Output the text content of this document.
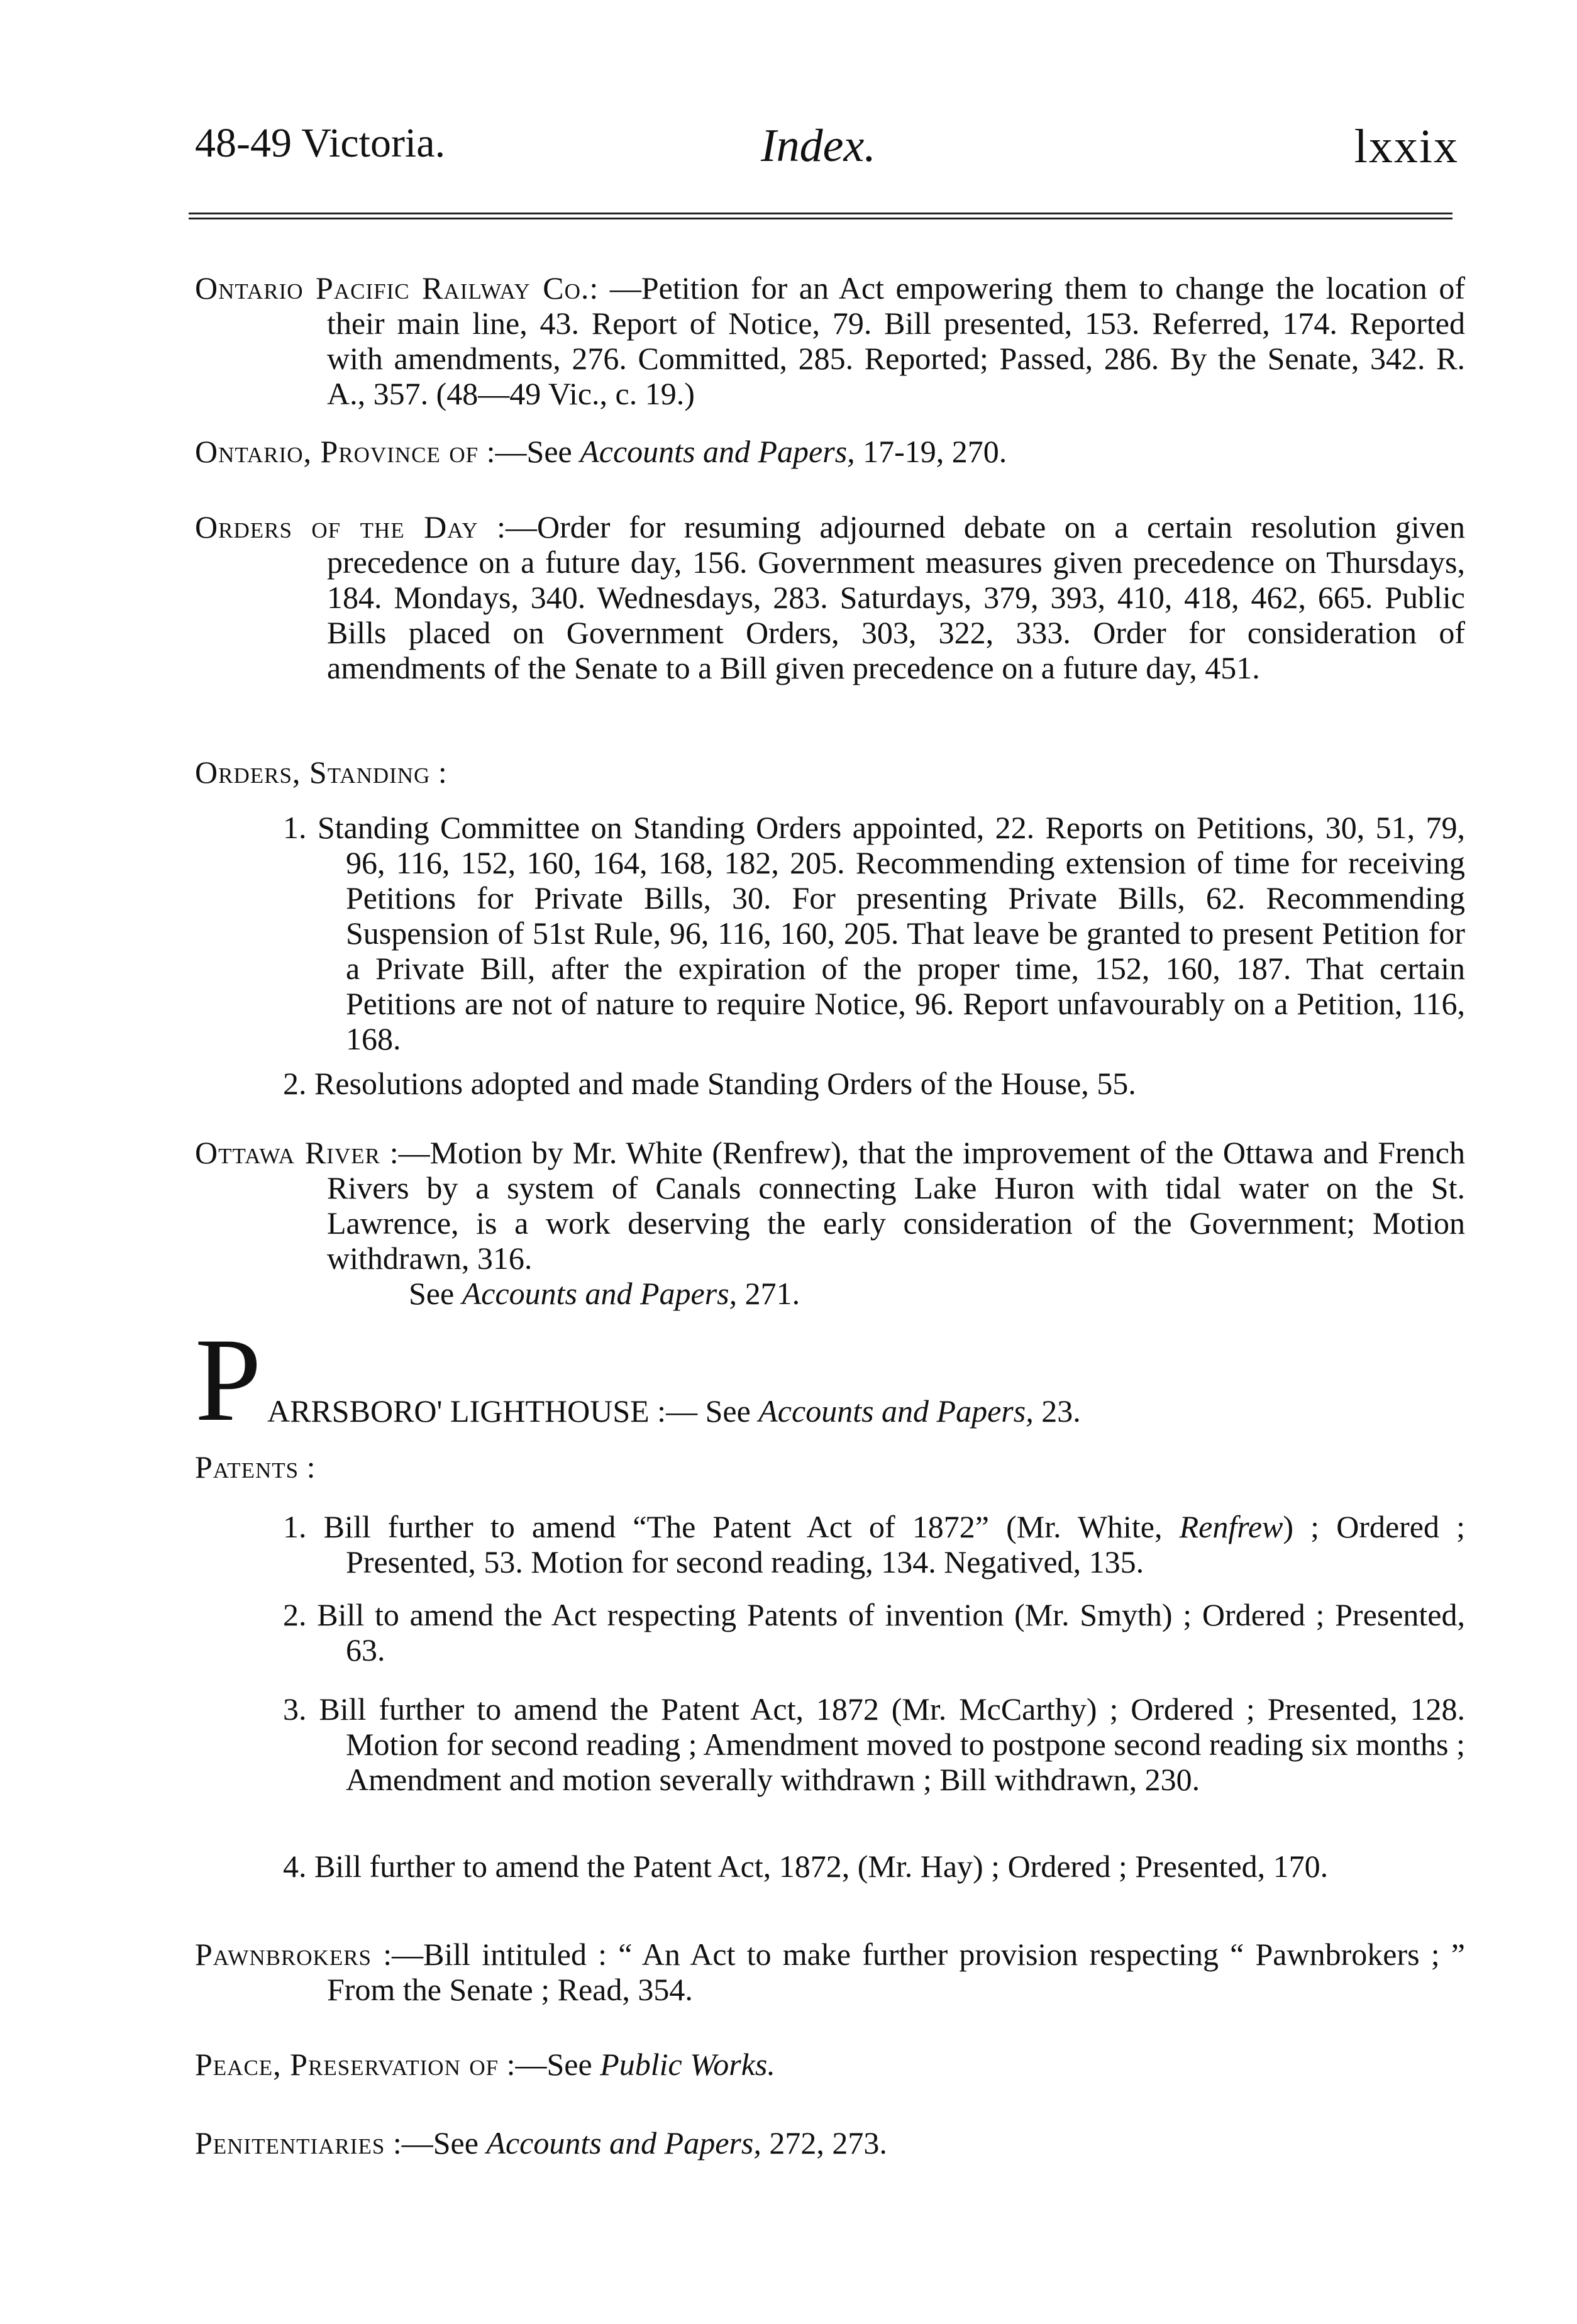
48-49 Victoria.	Index.	lxxix
Ontario Pacific Railway Co.: —Petition for an Act empowering them to change the location of their main line, 43. Report of Notice, 79. Bill presented, 153. Referred, 174. Reported with amendments, 276. Committed, 285. Reported; Passed, 286. By the Senate, 342. R. A., 357. (48—49 Vic., c. 19.)
Ontario, Province of :—See Accounts and Papers, 17-19, 270.
Orders of the Day :—Order for resuming adjourned debate on a certain resolution given precedence on a future day, 156. Government measures given precedence on Thursdays, 184. Mondays, 340. Wednesdays, 283. Saturdays, 379, 393, 410, 418, 462, 665. Public Bills placed on Government Orders, 303, 322, 333. Order for consideration of amendments of the Senate to a Bill given precedence on a future day, 451.
Orders, Standing :
1. Standing Committee on Standing Orders appointed, 22. Reports on Petitions, 30, 51, 79, 96, 116, 152, 160, 164, 168, 182, 205. Recommending extension of time for receiving Petitions for Private Bills, 30. For presenting Private Bills, 62. Recommending Suspension of 51st Rule, 96, 116, 160, 205. That leave be granted to present Petition for a Private Bill, after the expiration of the proper time, 152, 160, 187. That certain Petitions are not of nature to require Notice, 96. Report unfavourably on a Petition, 116, 168.
2. Resolutions adopted and made Standing Orders of the House, 55.
Ottawa River :—Motion by Mr. White (Renfrew), that the improvement of the Ottawa and French Rivers by a system of Canals connecting Lake Huron with tidal water on the St. Lawrence, is a work deserving the early consideration of the Government; Motion withdrawn, 316.
See Accounts and Papers, 271.
P ARRSBORO' LIGHTHOUSE :— See Accounts and Papers, 23.
Patents :
1. Bill further to amend “The Patent Act of 1872” (Mr. White, Renfrew) ; Ordered ; Presented, 53. Motion for second reading, 134. Negatived, 135.
2. Bill to amend the Act respecting Patents of invention (Mr. Smyth) ; Ordered ; Presented, 63.
3. Bill further to amend the Patent Act, 1872 (Mr. McCarthy) ; Ordered ; Presented, 128. Motion for second reading ; Amendment moved to postpone second reading six months ; Amendment and motion severally withdrawn ; Bill withdrawn, 230.
4. Bill further to amend the Patent Act, 1872, (Mr. Hay) ; Ordered ; Presented, 170.
Pawnbrokers :—Bill intituled : “ An Act to make further provision respecting “ Pawnbrokers ; ” From the Senate ; Read, 354.
Peace, Preservation of :—See Public Works.
Penitentiaries :—See Accounts and Papers, 272, 273.
